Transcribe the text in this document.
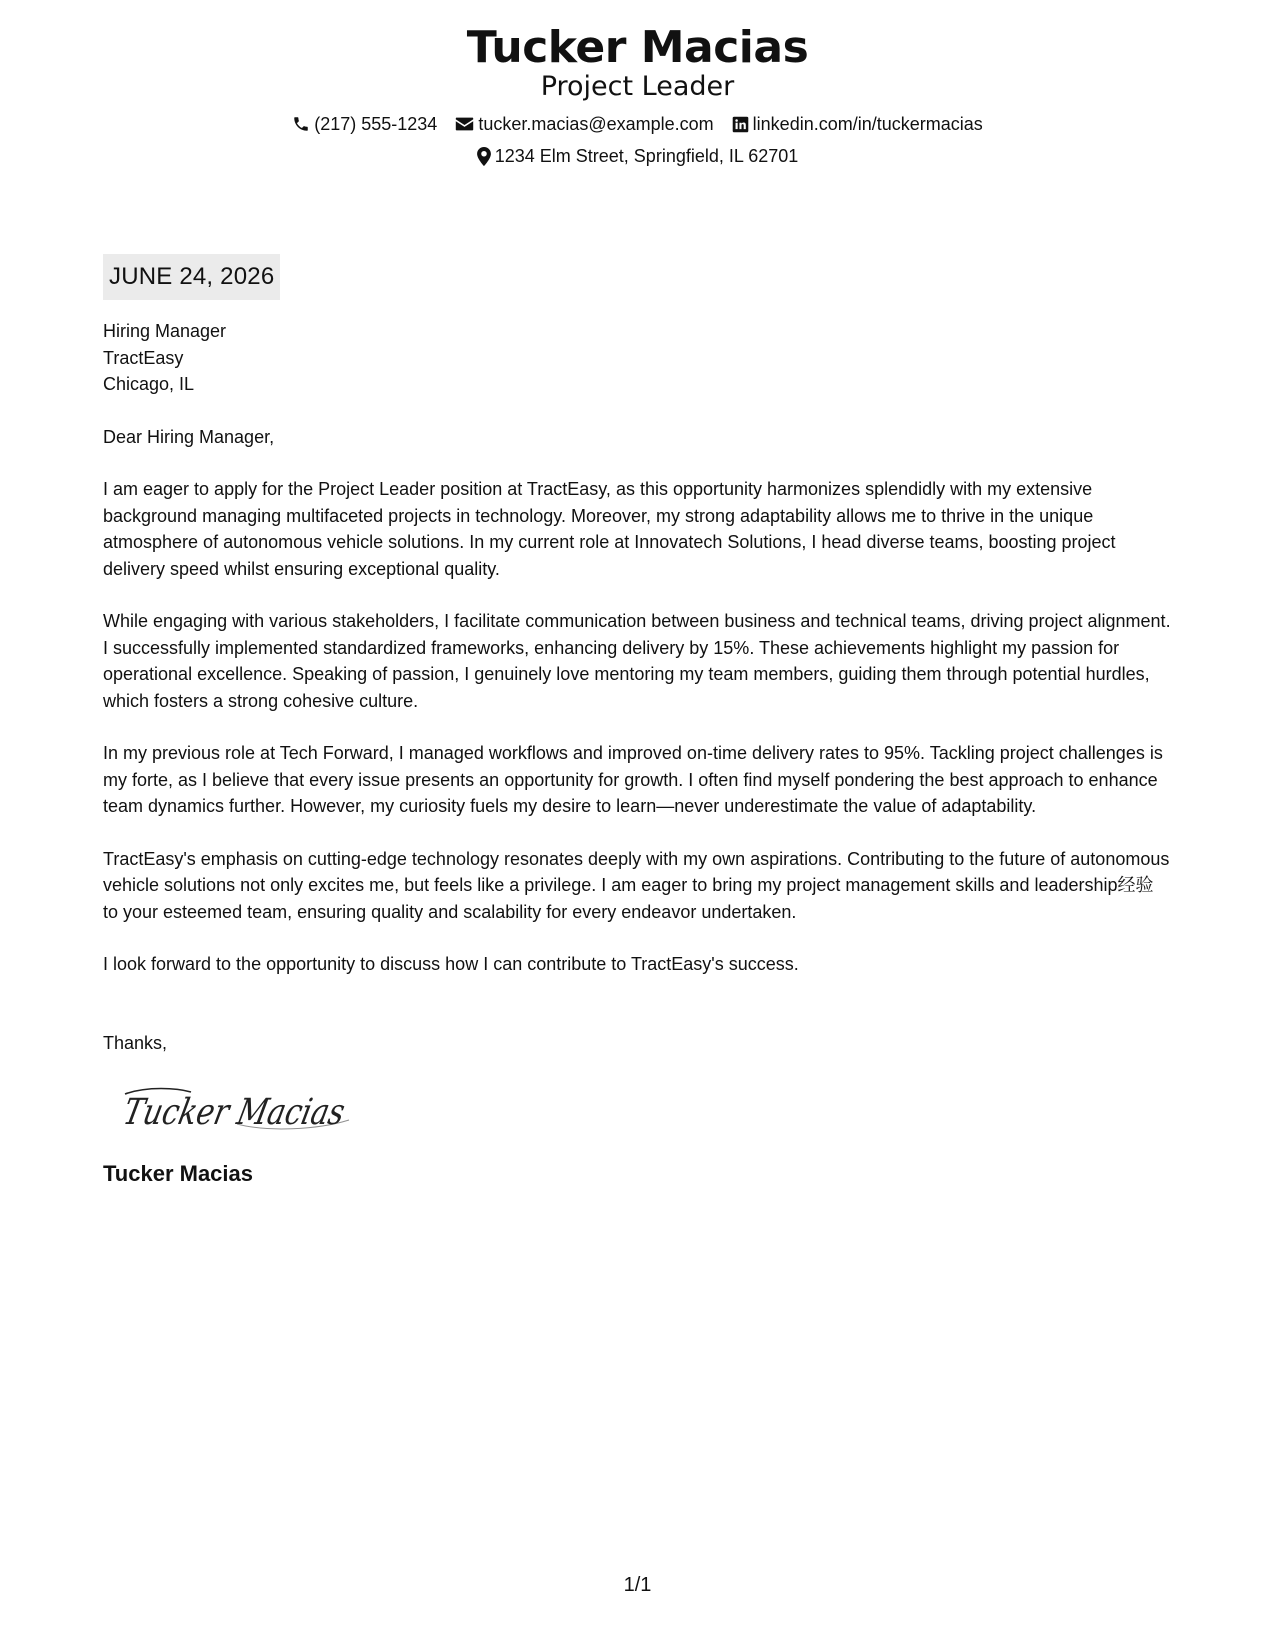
Tucker Macias
Project Leader
(217) 555-1234 tucker.macias@example.com linkedin.com/in/tuckermacias
1234 Elm Street, Springfield, IL 62701
JUNE 24, 2026
Hiring Manager
TractEasy
Chicago, IL
Dear Hiring Manager,
I am eager to apply for the Project Leader position at TractEasy, as this opportunity harmonizes splendidly with my extensive background managing multifaceted projects in technology. Moreover, my strong adaptability allows me to thrive in the unique atmosphere of autonomous vehicle solutions. In my current role at Innovatech Solutions, I head diverse teams, boosting project delivery speed whilst ensuring exceptional quality.
While engaging with various stakeholders, I facilitate communication between business and technical teams, driving project alignment. I successfully implemented standardized frameworks, enhancing delivery by 15%. These achievements highlight my passion for operational excellence. Speaking of passion, I genuinely love mentoring my team members, guiding them through potential hurdles, which fosters a strong cohesive culture.
In my previous role at Tech Forward, I managed workflows and improved on-time delivery rates to 95%. Tackling project challenges is my forte, as I believe that every issue presents an opportunity for growth. I often find myself pondering the best approach to enhance team dynamics further. However, my curiosity fuels my desire to learn—never underestimate the value of adaptability.
TractEasy's emphasis on cutting-edge technology resonates deeply with my own aspirations. Contributing to the future of autonomous vehicle solutions not only excites me, but feels like a privilege. I am eager to bring my project management skills and leadership经验 to your esteemed team, ensuring quality and scalability for every endeavor undertaken.
I look forward to the opportunity to discuss how I can contribute to TractEasy's success.
Thanks,
Tucker Macias
Tucker Macias
1/1
